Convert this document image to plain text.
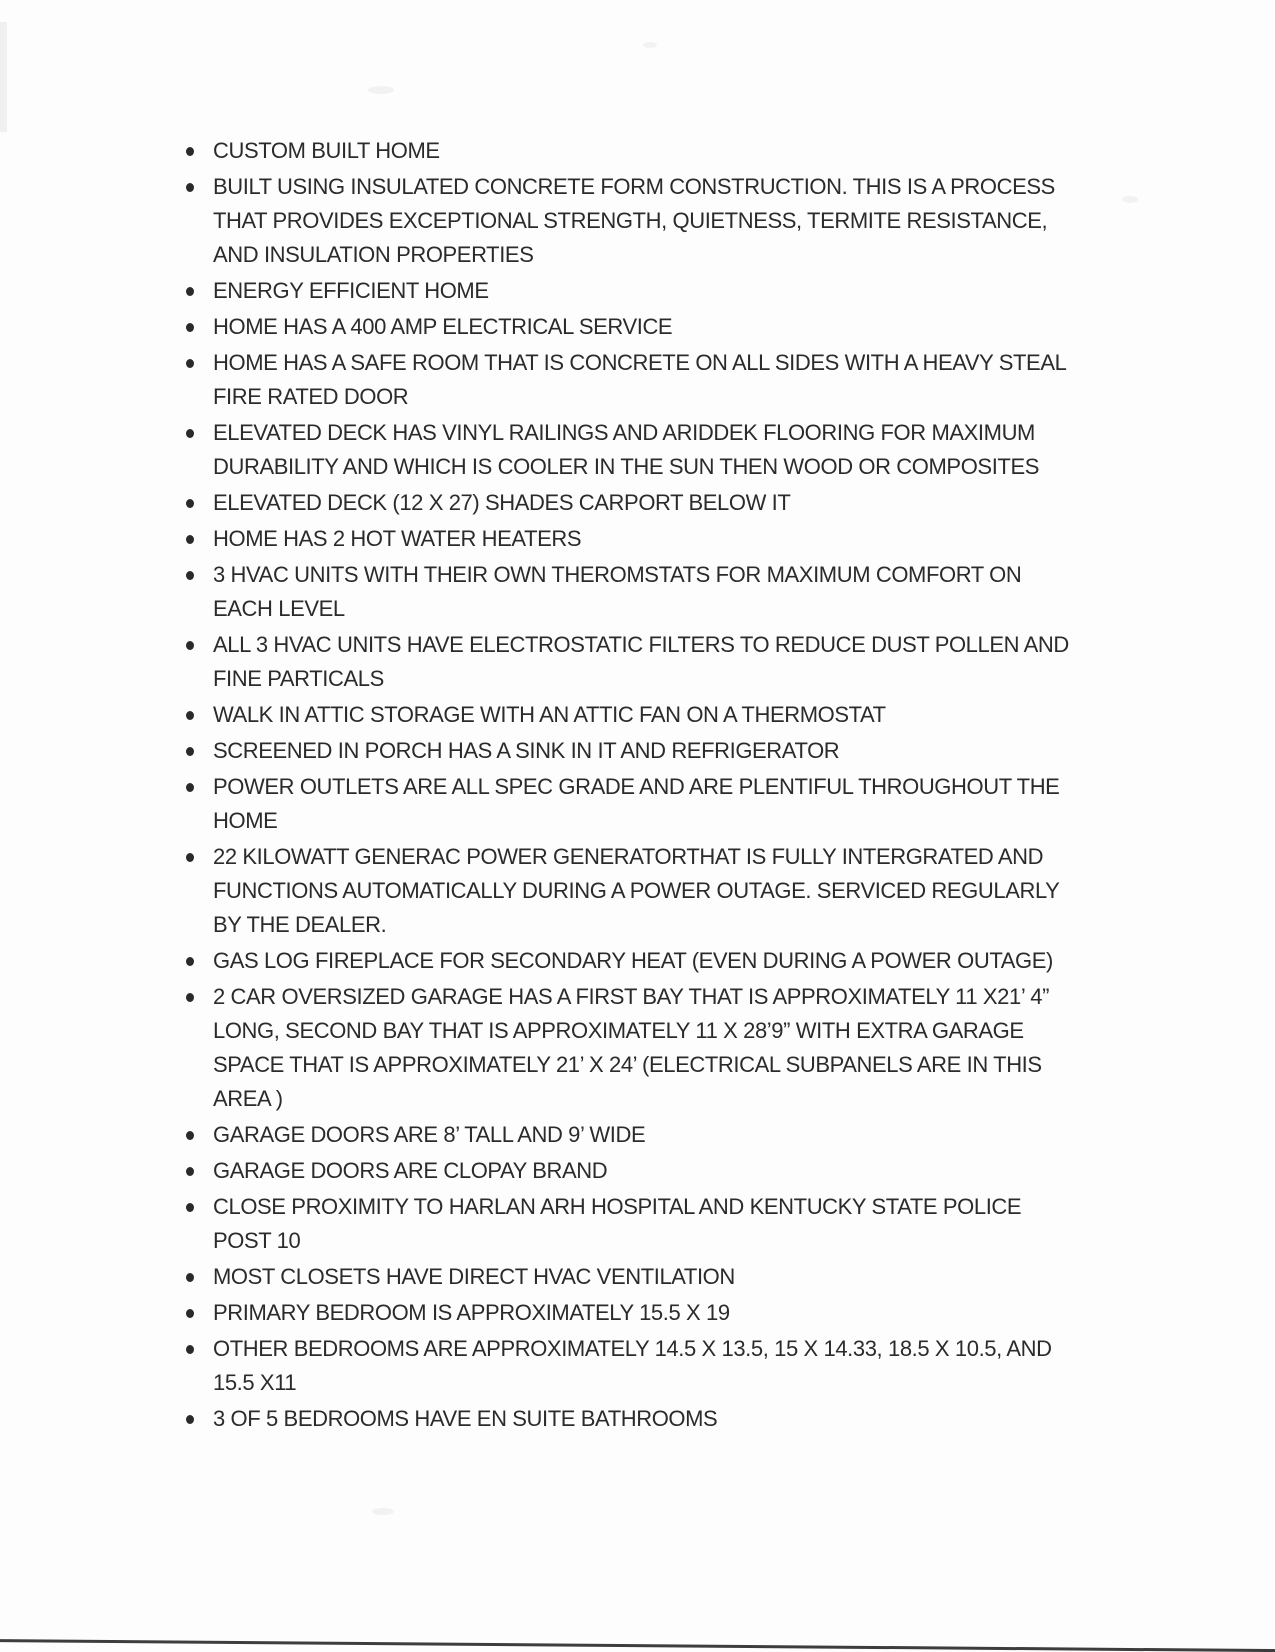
CUSTOM BUILT HOME
BUILT USING INSULATED CONCRETE FORM CONSTRUCTION. THIS IS A PROCESS THAT PROVIDES EXCEPTIONAL STRENGTH, QUIETNESS, TERMITE RESISTANCE, AND INSULATION PROPERTIES
ENERGY EFFICIENT HOME
HOME HAS A 400 AMP ELECTRICAL SERVICE
HOME HAS A SAFE ROOM THAT IS CONCRETE ON ALL SIDES WITH A HEAVY STEAL FIRE RATED DOOR
ELEVATED DECK HAS VINYL RAILINGS AND ARIDDEK FLOORING FOR MAXIMUM DURABILITY AND WHICH IS COOLER IN THE SUN THEN WOOD OR COMPOSITES
ELEVATED DECK (12 X 27) SHADES CARPORT BELOW IT
HOME HAS 2 HOT WATER HEATERS
3 HVAC UNITS WITH THEIR OWN THEROMSTATS FOR MAXIMUM COMFORT ON EACH LEVEL
ALL 3 HVAC UNITS HAVE ELECTROSTATIC FILTERS TO REDUCE DUST POLLEN AND FINE PARTICALS
WALK IN ATTIC STORAGE WITH AN ATTIC FAN ON A THERMOSTAT
SCREENED IN PORCH HAS A SINK IN IT AND REFRIGERATOR
POWER OUTLETS ARE ALL SPEC GRADE AND ARE PLENTIFUL THROUGHOUT THE HOME
22 KILOWATT GENERAC POWER GENERATORTHAT IS FULLY INTERGRATED AND FUNCTIONS AUTOMATICALLY DURING A POWER OUTAGE. SERVICED REGULARLY BY THE DEALER.
GAS LOG FIREPLACE FOR SECONDARY HEAT (EVEN DURING A POWER OUTAGE)
2 CAR OVERSIZED GARAGE HAS A FIRST BAY THAT IS APPROXIMATELY 11 X21’ 4” LONG, SECOND BAY THAT IS APPROXIMATELY 11 X 28’9” WITH EXTRA GARAGE SPACE THAT IS APPROXIMATELY 21’ X 24’ (ELECTRICAL SUBPANELS ARE IN THIS AREA )
GARAGE DOORS ARE 8’ TALL AND 9’ WIDE
GARAGE DOORS ARE CLOPAY BRAND
CLOSE PROXIMITY TO HARLAN ARH HOSPITAL AND KENTUCKY STATE POLICE POST 10
MOST CLOSETS HAVE DIRECT HVAC VENTILATION
PRIMARY BEDROOM IS APPROXIMATELY 15.5 X 19
OTHER BEDROOMS ARE APPROXIMATELY 14.5 X 13.5, 15 X 14.33, 18.5 X 10.5, AND 15.5 X11
3 OF 5 BEDROOMS HAVE EN SUITE BATHROOMS
